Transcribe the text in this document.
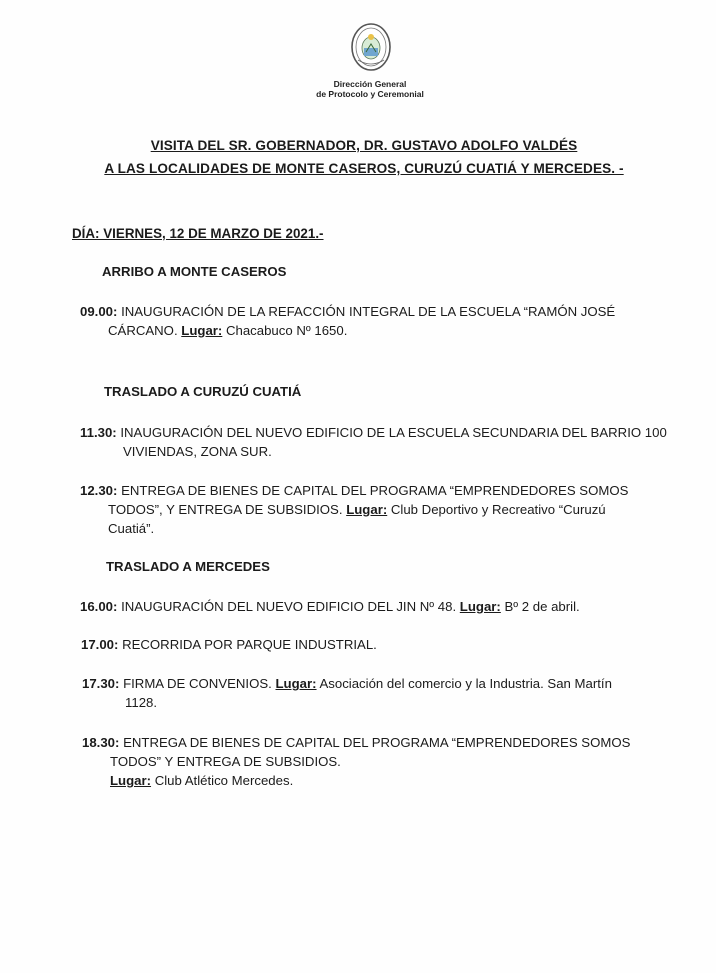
Dirección General
de Protocolo y Ceremonial
VISITA DEL SR. GOBERNADOR, DR. GUSTAVO ADOLFO VALDÉS
A LAS LOCALIDADES DE MONTE CASEROS, CURUZÚ CUATIÁ Y MERCEDES. -
DÍA: VIERNES, 12 DE MARZO DE 2021.-
ARRIBO A MONTE CASEROS
09.00: INAUGURACIÓN DE LA REFACCIÓN INTEGRAL DE LA ESCUELA “RAMÓN JOSÉ
CÁRCANO. Lugar: Chacabuco Nº 1650.
TRASLADO A CURUZÚ CUATIÁ
11.30: INAUGURACIÓN DEL NUEVO EDIFICIO DE LA ESCUELA SECUNDARIA DEL BARRIO 100
VIVIENDAS, ZONA SUR.
12.30: ENTREGA DE BIENES DE CAPITAL DEL PROGRAMA “EMPRENDEDORES SOMOS
TODOS”, Y ENTREGA DE SUBSIDIOS. Lugar: Club Deportivo y Recreativo “Curuzú
Cuatiá”.
TRASLADO A MERCEDES
16.00: INAUGURACIÓN DEL NUEVO EDIFICIO DEL JIN Nº 48. Lugar: Bº 2 de abril.
17.00: RECORRIDA POR PARQUE INDUSTRIAL.
17.30: FIRMA DE CONVENIOS. Lugar: Asociación del comercio y la Industria. San Martín
1128.
18.30: ENTREGA DE BIENES DE CAPITAL DEL PROGRAMA “EMPRENDEDORES SOMOS
TODOS” Y ENTREGA DE SUBSIDIOS.
Lugar: Club Atlético Mercedes.
